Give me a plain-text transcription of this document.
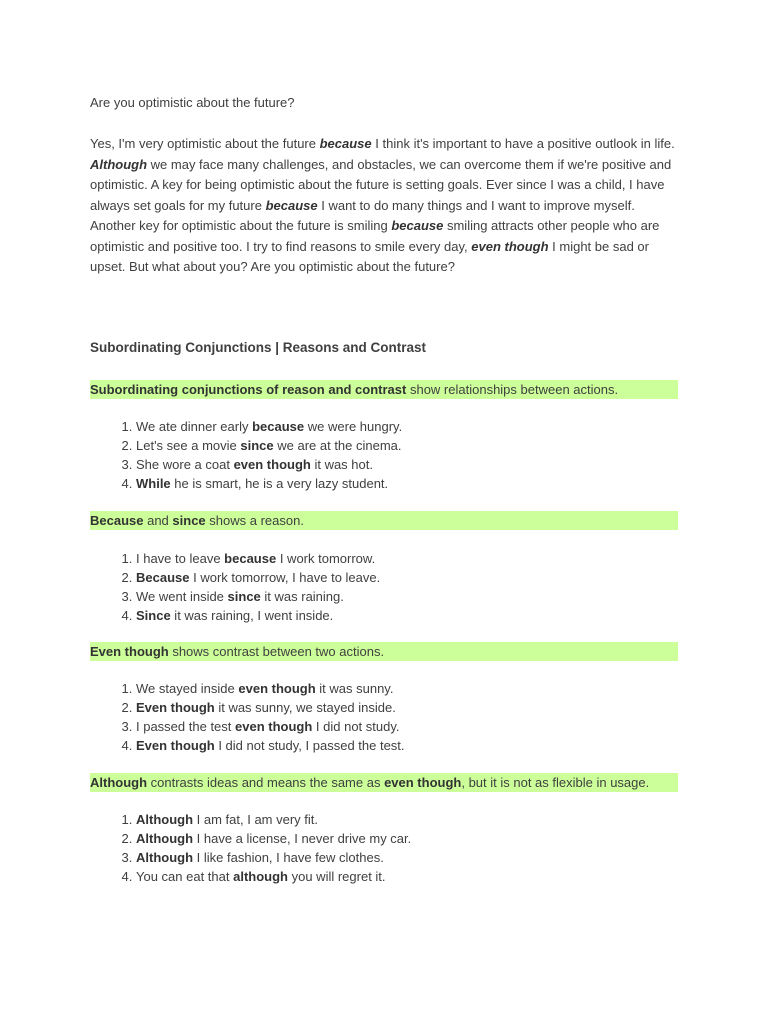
Are you optimistic about the future?

Yes, I'm very optimistic about the future because I think it's important to have a positive outlook in life. Although we may face many challenges, and obstacles, we can overcome them if we're positive and optimistic. A key for being optimistic about the future is setting goals. Ever since I was a child, I have always set goals for my future because I want to do many things and I want to improve myself. Another key for optimistic about the future is smiling because smiling attracts other people who are optimistic and positive too. I try to find reasons to smile every day, even though I might be sad or upset. But what about you? Are you optimistic about the future?

Subordinating Conjunctions | Reasons and Contrast

Subordinating conjunctions of reason and contrast show relationships between actions.

1. We ate dinner early because we were hungry.
2. Let's see a movie since we are at the cinema.
3. She wore a coat even though it was hot.
4. While he is smart, he is a very lazy student.

Because and since shows a reason.

1. I have to leave because I work tomorrow.
2. Because I work tomorrow, I have to leave.
3. We went inside since it was raining.
4. Since it was raining, I went inside.

Even though shows contrast between two actions.

1. We stayed inside even though it was sunny.
2. Even though it was sunny, we stayed inside.
3. I passed the test even though I did not study.
4. Even though I did not study, I passed the test.

Although contrasts ideas and means the same as even though, but it is not as flexible in usage.

1. Although I am fat, I am very fit.
2. Although I have a license, I never drive my car.
3. Although I like fashion, I have few clothes.
4. You can eat that although you will regret it.
